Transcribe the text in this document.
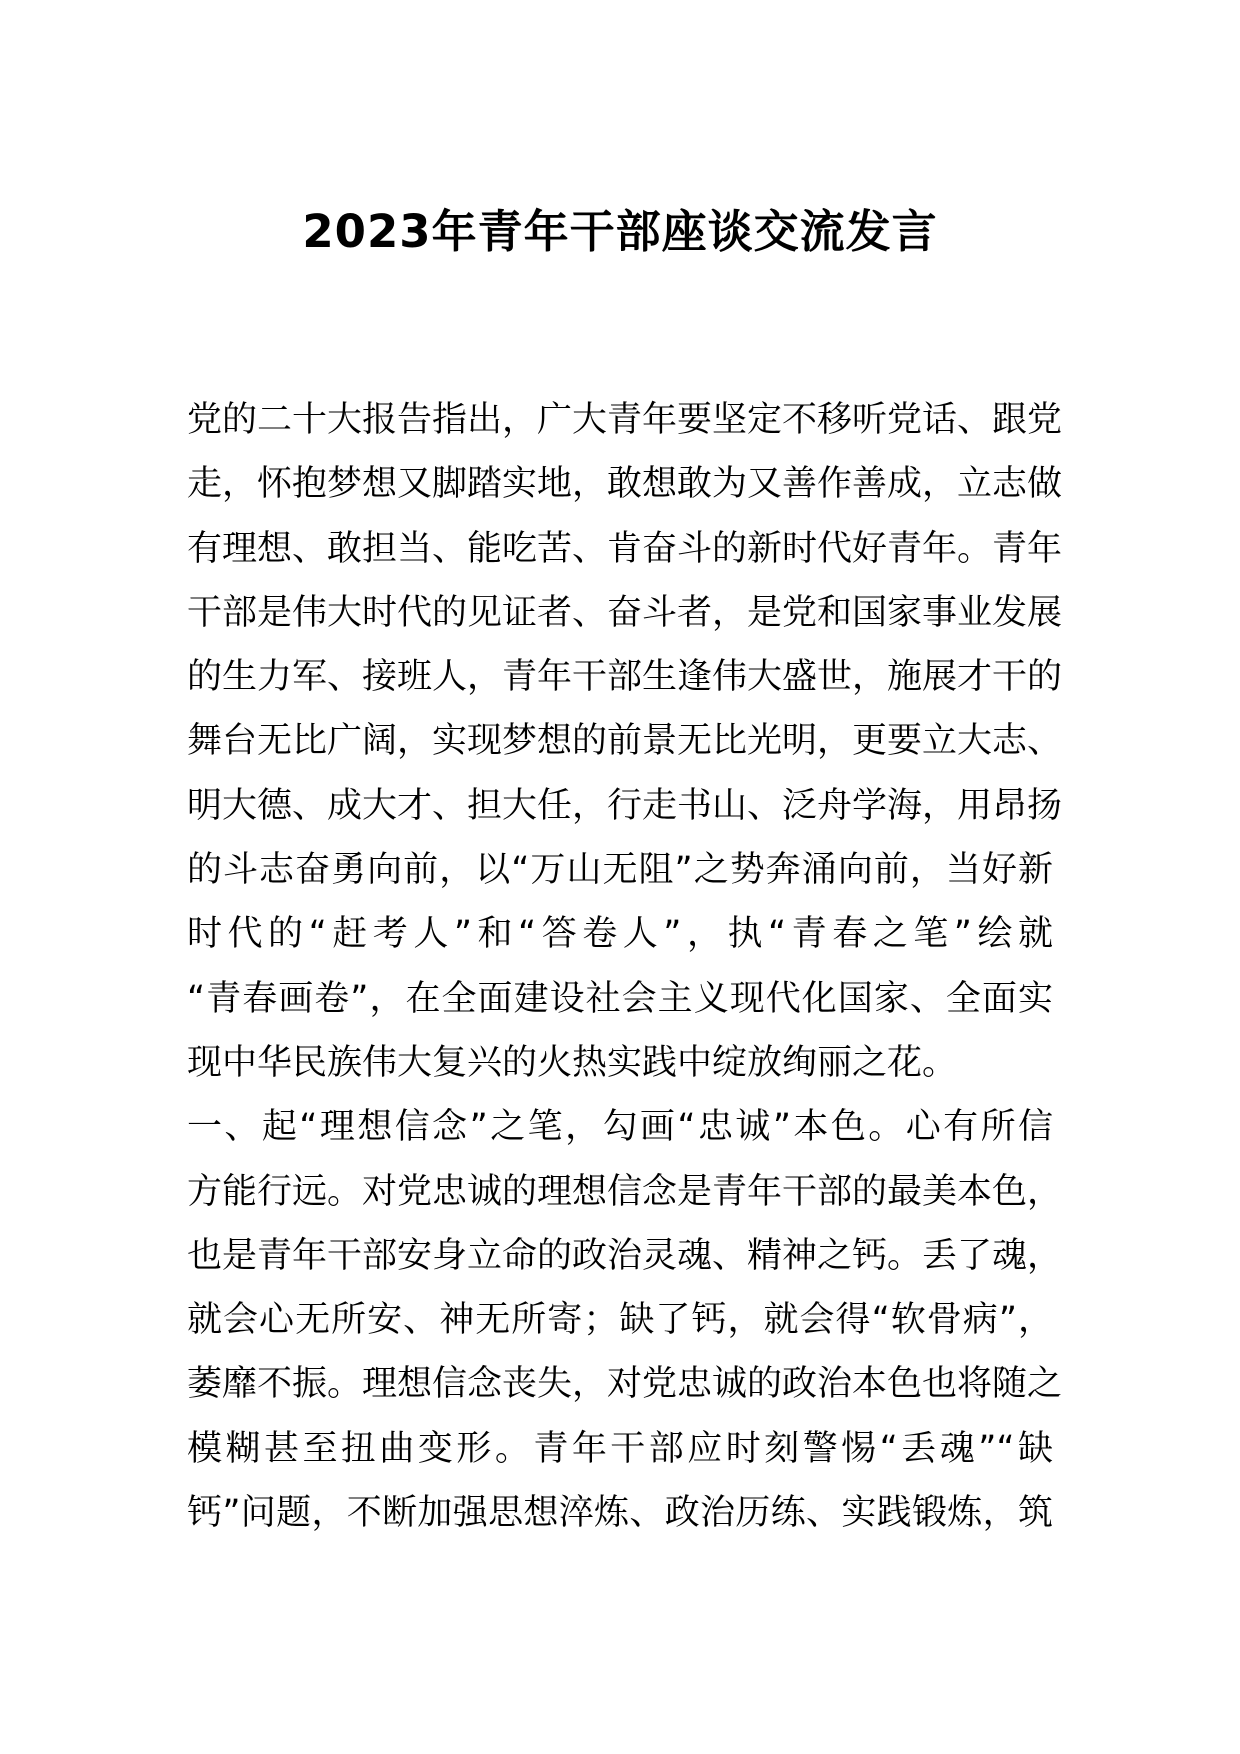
2023年青年干部座谈交流发言
党的二十大报告指出，广大青年要坚定不移听党话、跟党
走，怀抱梦想又脚踏实地，敢想敢为又善作善成，立志做
有理想、敢担当、能吃苦、肯奋斗的新时代好青年。青年
干部是伟大时代的见证者、奋斗者，是党和国家事业发展
的生力军、接班人，青年干部生逢伟大盛世，施展才干的
舞台无比广阔，实现梦想的前景无比光明，更要立大志、
明大德、成大才、担大任，行走书山、泛舟学海，用昂扬
的斗志奋勇向前，以“万山无阻”之势奔涌向前，当好新
时代的“赶考人”和“答卷人”，执“青春之笔”绘就
“青春画卷”，在全面建设社会主义现代化国家、全面实
现中华民族伟大复兴的火热实践中绽放绚丽之花。
一、起“理想信念”之笔，勾画“忠诚”本色。心有所信
方能行远。对党忠诚的理想信念是青年干部的最美本色，
也是青年干部安身立命的政治灵魂、精神之钙。丢了魂，
就会心无所安、神无所寄；缺了钙，就会得“软骨病”，
萎靡不振。理想信念丧失，对党忠诚的政治本色也将随之
模糊甚至扭曲变形。青年干部应时刻警惕“丢魂”“缺
钙”问题，不断加强思想淬炼、政治历练、实践锻炼，筑
